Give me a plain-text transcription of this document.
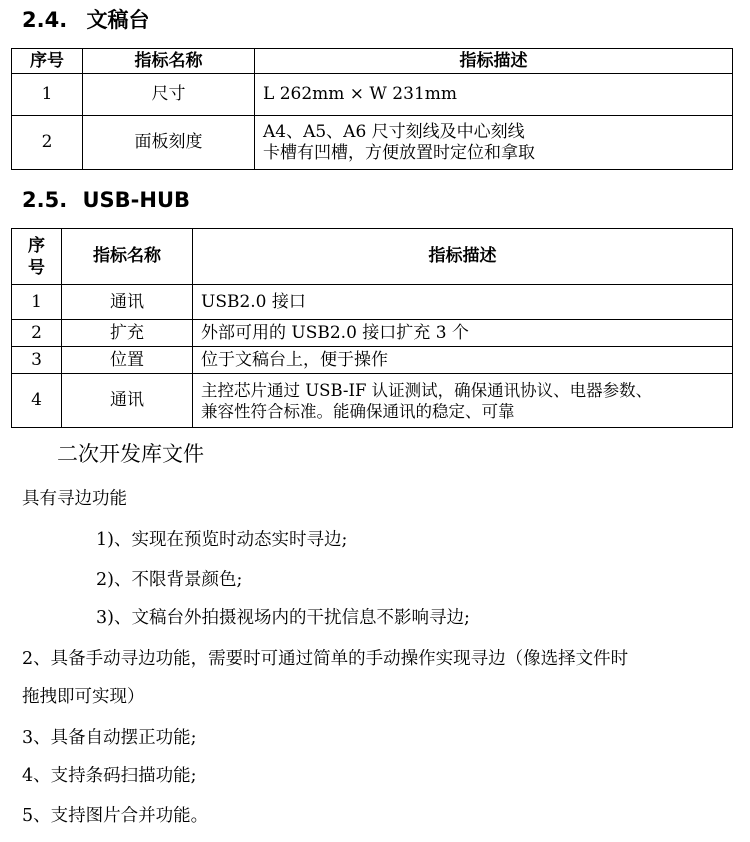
2.4. 文稿台
序号	指标名称	指标描述
1	尺寸	L 262mm × W 231mm

2	面板刻度	A4、A5、A6 尺寸刻线及中心刻线
卡槽有凹槽，方便放置时定位和拿取
2.5. USB-HUB
序
号	指标名称	指标描述
1	通讯	USB2.0 接口

2	扩充	外部可用的 USB2.0 接口扩充 3 个

3	位置	位于文稿台上，便于操作

4	通讯	主控芯片通过 USB-IF 认证测试，确保通讯协议、电器参数、
兼容性符合标准。能确保通讯的稳定、可靠
二次开发库文件

具有寻边功能

1)、实现在预览时动态实时寻边;

2)、不限背景颜色;

3)、文稿台外拍摄视场内的干扰信息不影响寻边;

2、具备手动寻边功能，需要时可通过简单的手动操作实现寻边（像选择文件时

拖拽即可实现）

3、具备自动摆正功能;

4、支持条码扫描功能;

5、支持图片合并功能。
